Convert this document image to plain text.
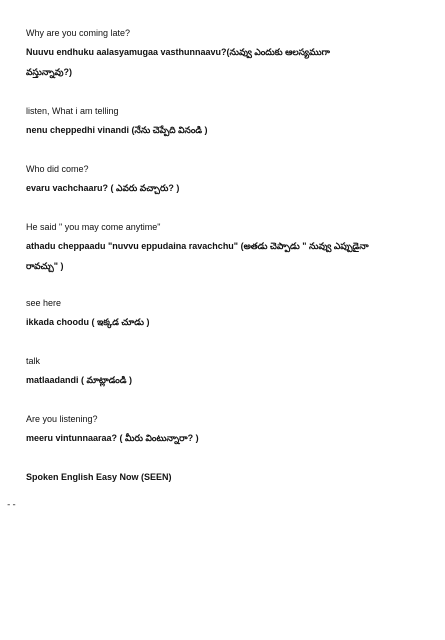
Why are you coming late?
Nuuvu endhuku aalasyamugaa vasthunnaavu?(నువ్వు ఎందుకు ఆలస్యముగా
వస్తున్నావు?)
listen, What i am telling
nenu cheppedhi vinandi (నేను చెప్పేది వినండి )
Who did come?
evaru vachchaaru? ( ఎవరు వచ్చారు? )
He said " you may come anytime"
athadu cheppaadu "nuvvu eppudaina ravachchu" (అతడు చెప్పాడు " నువ్వు ఎప్పుడైనా
రావచ్చు" )
see here
ikkada choodu ( ఇక్కడ చూడు )
talk
matlaadandi ( మాట్లాడండి )
Are you listening?
meeru vintunnaaraa? ( మీరు వింటున్నారా? )
Spoken English Easy Now (SEEN)
--
